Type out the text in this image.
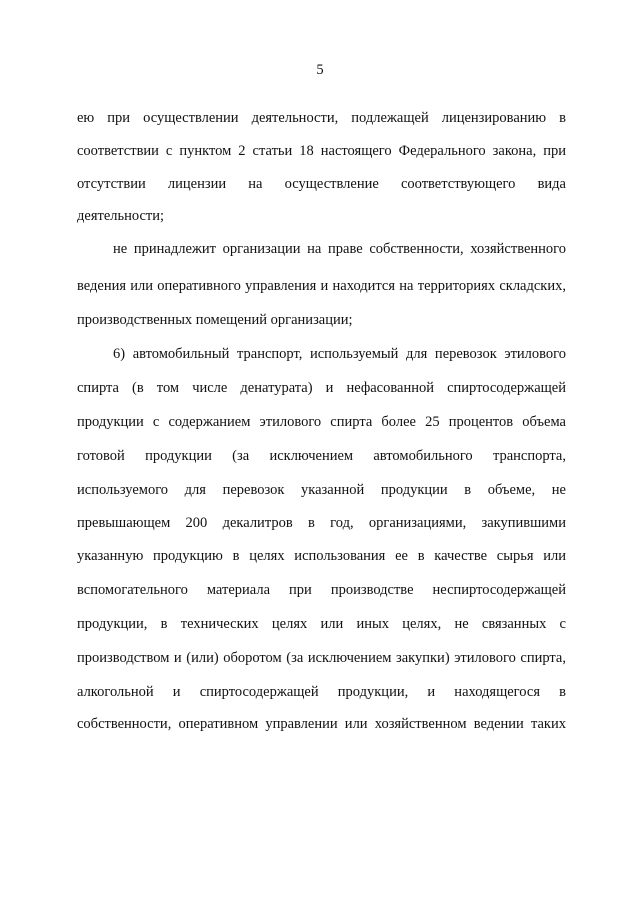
5
ею при осуществлении деятельности, подлежащей лицензированию в
соответствии с пунктом 2 статьи 18 настоящего Федерального закона, при
отсутствии лицензии на осуществление соответствующего вида
деятельности;
не принадлежит организации на праве собственности, хозяйственного
ведения или оперативного управления и находится на территориях складских,
производственных помещений организации;
6) автомобильный транспорт, используемый для перевозок этилового
спирта (в том числе денатурата) и нефасованной спиртосодержащей
продукции с содержанием этилового спирта более 25 процентов объема
готовой продукции (за исключением автомобильного транспорта,
используемого для перевозок указанной продукции в объеме, не
превышающем 200 декалитров в год, организациями, закупившими
указанную продукцию в целях использования ее в качестве сырья или
вспомогательного материала при производстве неспиртосодержащей
продукции, в технических целях или иных целях, не связанных с
производством и (или) оборотом (за исключением закупки) этилового спирта,
алкогольной и спиртосодержащей продукции, и находящегося в
собственности, оперативном управлении или хозяйственном ведении таких
